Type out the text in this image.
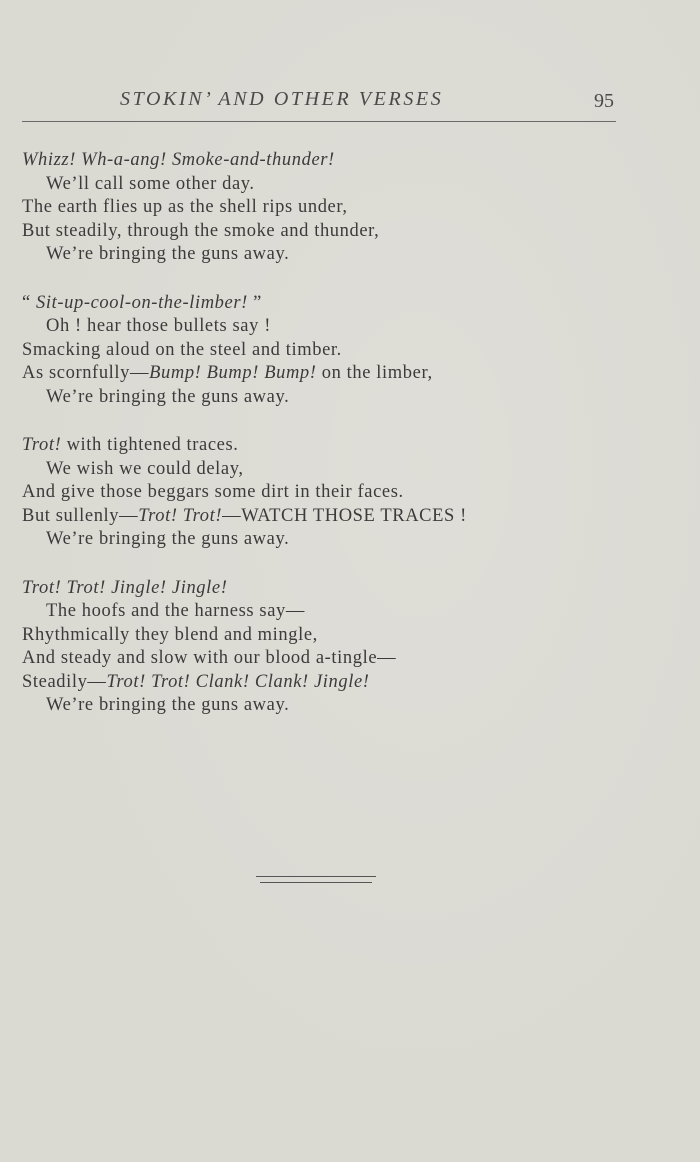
STOKIN’ AND OTHER VERSES	95
Whizz! Wh-a-ang! Smoke-and-thunder!
We’ll call some other day.
The earth flies up as the shell rips under,
But steadily, through the smoke and thunder,
We’re bringing the guns away.
“ Sit-up-cool-on-the-limber! ”
Oh ! hear those bullets say !
Smacking aloud on the steel and timber.
As scornfully—Bump! Bump! Bump! on the limber,
We’re bringing the guns away.
Trot! with tightened traces.
We wish we could delay,
And give those beggars some dirt in their faces.
But sullenly—Trot! Trot!—WATCH THOSE TRACES !
We’re bringing the guns away.
Trot! Trot! Jingle! Jingle!
The hoofs and the harness say—
Rhythmically they blend and mingle,
And steady and slow with our blood a-tingle—
Steadily—Trot! Trot! Clank! Clank! Jingle!
We’re bringing the guns away.
